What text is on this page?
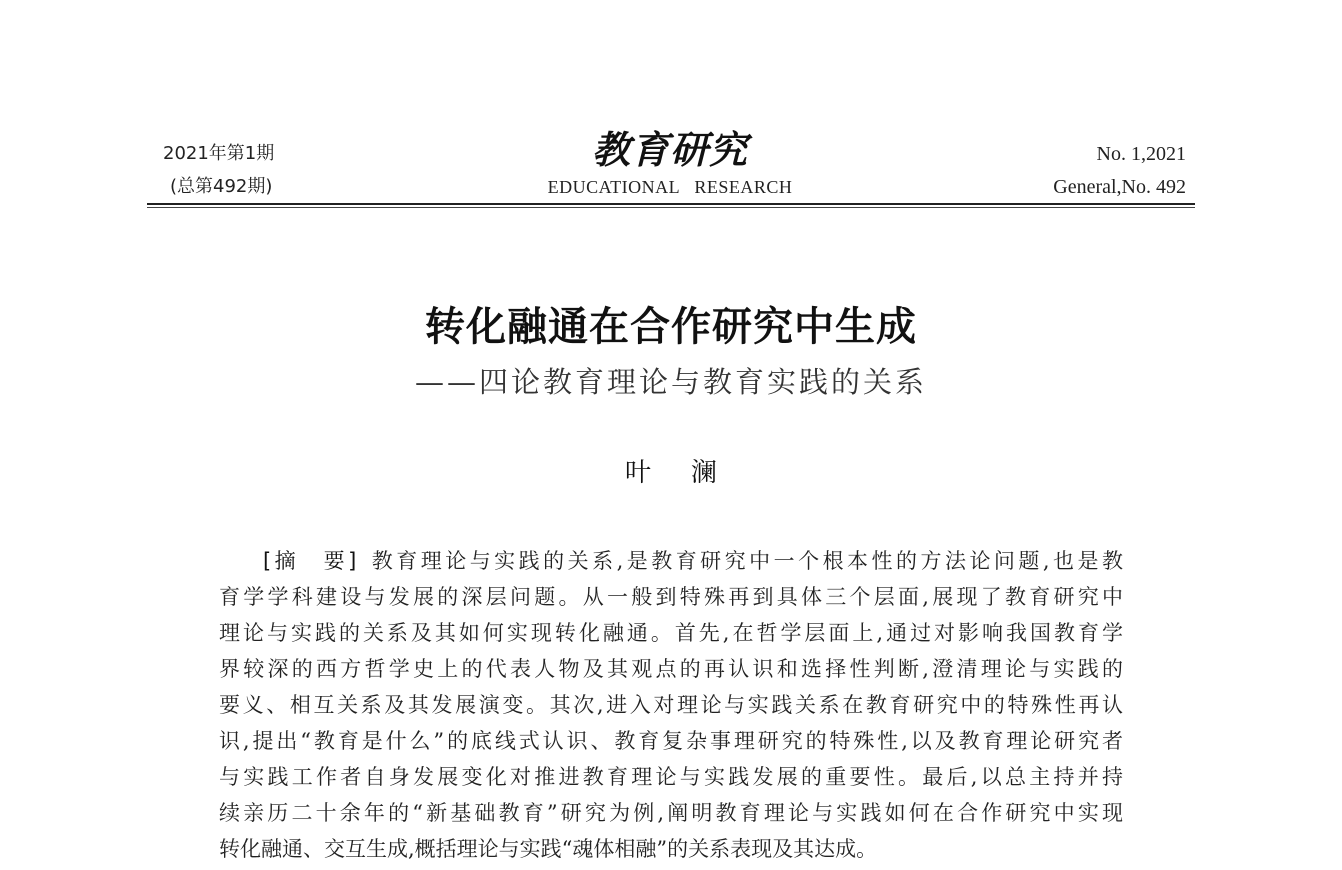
2021年第1期
(总第492期)
教育研究
EDUCATIONAL   RESEARCH
No. 1,2021
General,No. 492
转化融通在合作研究中生成
——四论教育理论与教育实践的关系
叶澜
[摘　要] 教育理论与实践的关系,是教育研究中一个根本性的方法论问题,也是教
育学学科建设与发展的深层问题。从一般到特殊再到具体三个层面,展现了教育研究中
理论与实践的关系及其如何实现转化融通。首先,在哲学层面上,通过对影响我国教育学
界较深的西方哲学史上的代表人物及其观点的再认识和选择性判断,澄清理论与实践的
要义、相互关系及其发展演变。其次,进入对理论与实践关系在教育研究中的特殊性再认
识,提出“教育是什么”的底线式认识、教育复杂事理研究的特殊性,以及教育理论研究者
与实践工作者自身发展变化对推进教育理论与实践发展的重要性。最后,以总主持并持
续亲历二十余年的“新基础教育”研究为例,阐明教育理论与实践如何在合作研究中实现
转化融通、交互生成,概括理论与实践“魂体相融”的关系表现及其达成。
